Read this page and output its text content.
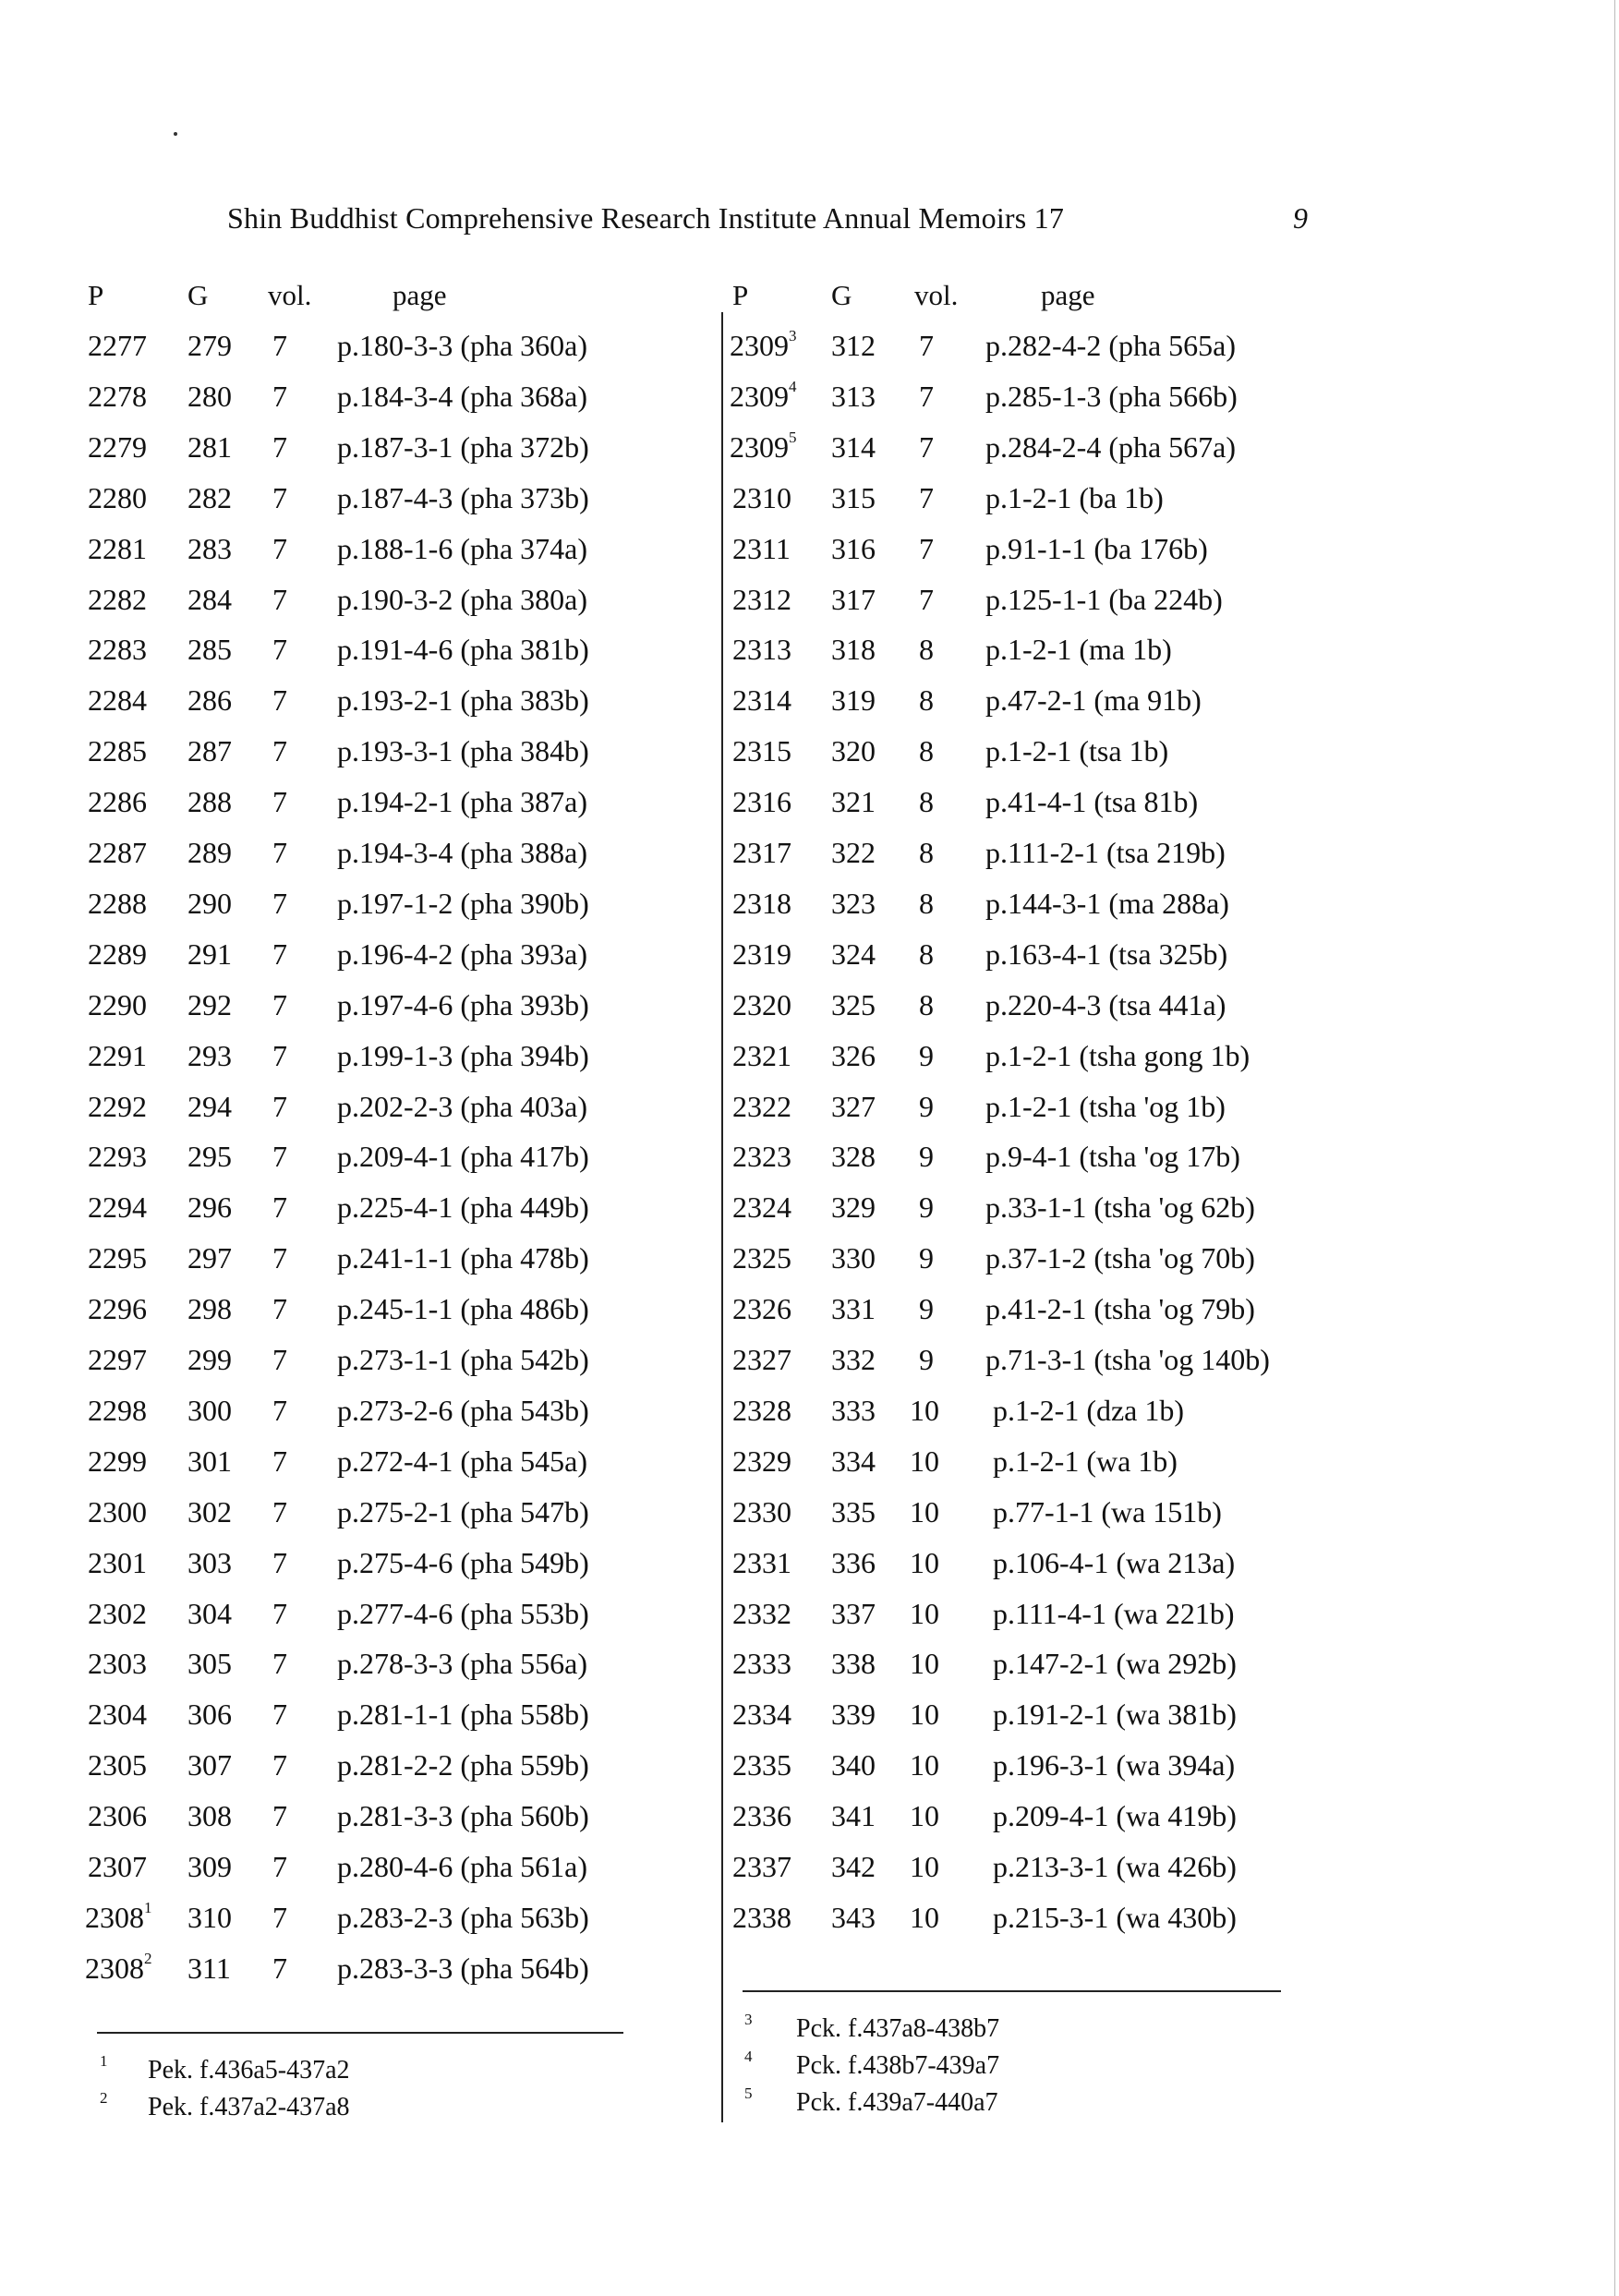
Shin Buddhist Comprehensive Research Institute Annual Memoirs 17	9
P	G vol.	page
2277 279 7 p.180-3-3 (pha 360a)
2278 280 7 p.184-3-4 (pha 368a)
2279 281 7 p.187-3-1 (pha 372b)
2280 282 7 p.187-4-3 (pha 373b)
2281 283 7 p.188-1-6 (pha 374a)
2282 284 7 p.190-3-2 (pha 380a)
2283 285 7 p.191-4-6 (pha 381b)
2284 286 7 p.193-2-1 (pha 383b)
2285 287 7 p.193-3-1 (pha 384b)
2286 288 7 p.194-2-1 (pha 387a)
2287 289 7 p.194-3-4 (pha 388a)
2288 290 7 p.197-1-2 (pha 390b)
2289 291 7 p.196-4-2 (pha 393a)
2290 292 7 p.197-4-6 (pha 393b)
2291 293 7 p.199-1-3 (pha 394b)
2292 294 7 p.202-2-3 (pha 403a)
2293 295 7 p.209-4-1 (pha 417b)
2294 296 7 p.225-4-1 (pha 449b)
2295 297 7 p.241-1-1 (pha 478b)
2296 298 7 p.245-1-1 (pha 486b)
2297 299 7 p.273-1-1 (pha 542b)
2298 300 7 p.273-2-6 (pha 543b)
2299 301 7 p.272-4-1 (pha 545a)
2300 302 7 p.275-2-1 (pha 547b)
2301 303 7 p.275-4-6 (pha 549b)
2302 304 7 p.277-4-6 (pha 553b)
2303 305 7 p.278-3-3 (pha 556a)
2304 306 7 p.281-1-1 (pha 558b)
2305 307 7 p.281-2-2 (pha 559b)
2306 308 7 p.281-3-3 (pha 560b)
2307 309 7 p.280-4-6 (pha 561a)
2308$^1$ 310 7 p.283-2-3 (pha 563b)
2308$^2$ 311 7 p.283-3-3 (pha 564b)
P	G vol.	page
2309$^3$ 312 7 p.282-4-2 (pha 565a)
2309$^4$ 313 7 p.285-1-3 (pha 566b)
2309$^5$ 314 7 p.284-2-4 (pha 567a)
2310 315 7 p.1-2-1 (ba 1b)
2311 316 7 p.91-1-1 (ba 176b)
2312 317 7 p.125-1-1 (ba 224b)
2313 318 8 p.1-2-1 (ma 1b)
2314 319 8 p.47-2-1 (ma 91b)
2315 320 8 p.1-2-1 (tsa 1b)
2316 321 8 p.41-4-1 (tsa 81b)
2317 322 8 p.111-2-1 (tsa 219b)
2318 323 8 p.144-3-1 (ma 288a)
2319 324 8 p.163-4-1 (tsa 325b)
2320 325 8 p.220-4-3 (tsa 441a)
2321 326 9 p.1-2-1 (tsha gong 1b)
2322 327 9 p.1-2-1 (tsha 'og 1b)
2323 328 9 p.9-4-1 (tsha 'og 17b)
2324 329 9 p.33-1-1 (tsha 'og 62b)
2325 330 9 p.37-1-2 (tsha 'og 70b)
2326 331 9 p.41-2-1 (tsha 'og 79b)
2327 332 9 p.71-3-1 (tsha 'og 140b)
2328 333 10 p.1-2-1 (dza 1b)
2329 334 10 p.1-2-1 (wa 1b)
2330 335 10 p.77-1-1 (wa 151b)
2331 336 10 p.106-4-1 (wa 213a)
2332 337 10 p.111-4-1 (wa 221b)
2333 338 10 p.147-2-1 (wa 292b)
2334 339 10 p.191-2-1 (wa 381b)
2335 340 10 p.196-3-1 (wa 394a)
2336 341 10 p.209-4-1 (wa 419b)
2337 342 10 p.213-3-1 (wa 426b)
2338 343 10 p.215-3-1 (wa 430b)
1 Pek. f.436a5-437a2
2 Pek. f.437a2-437a8
3 Pck. f.437a8-438b7
4 Pck. f.438b7-439a7
5 Pck. f.439a7-440a7
